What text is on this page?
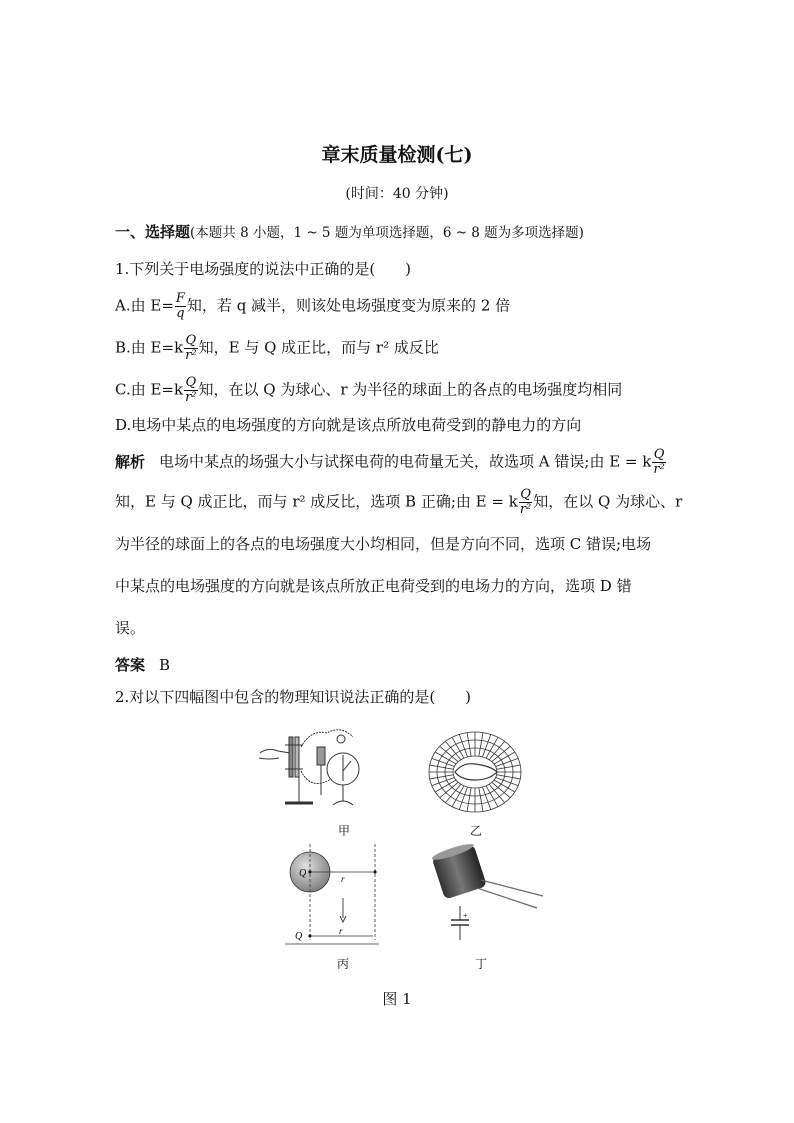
章末质量检测(七)
(时间：40 分钟)
一、选择题(本题共 8 小题，1 ~ 5 题为单项选择题，6 ~ 8 题为多项选择题)
1.下列关于电场强度的说法中正确的是(　　)
A.由 $E= \frac{F}{q}$ 知，若 q 减半，则该处电场强度变为原来的 2 倍
B.由 $E=k \frac{Q}{\text{r²}}$ 知，E 与 Q 成正比，而与 r² 成反比
C.由 $E=k \frac{Q}{\text{r²}}$ 知，在以 Q 为球心、r 为半径的球面上的各点的电场强度均相同
D.电场中某点的电场强度的方向就是该点所放电荷受到的静电力的方向
解析 电场中某点的场强大小与试探电荷的电荷量无关，故选项 A 错误;由 E = k $\frac{Q}{\text{r²}}$
知，E 与 Q 成正比，而与 r² 成反比，选项 B 正确;由 E = k $\frac{Q}{\text{r²}}$ 知，在以 Q 为球心、r
为半径的球面上的各点的电场强度大小均相同，但是方向不同，选项 C 错误;电场
中某点的电场强度的方向就是该点所放正电荷受到的电场力的方向，选项 D 错
误。
答案 B
2.对以下四幅图中包含的物理知识说法正确的是(　　)
甲	乙
Q	r
Q	r
丙
+
丁
图 1
